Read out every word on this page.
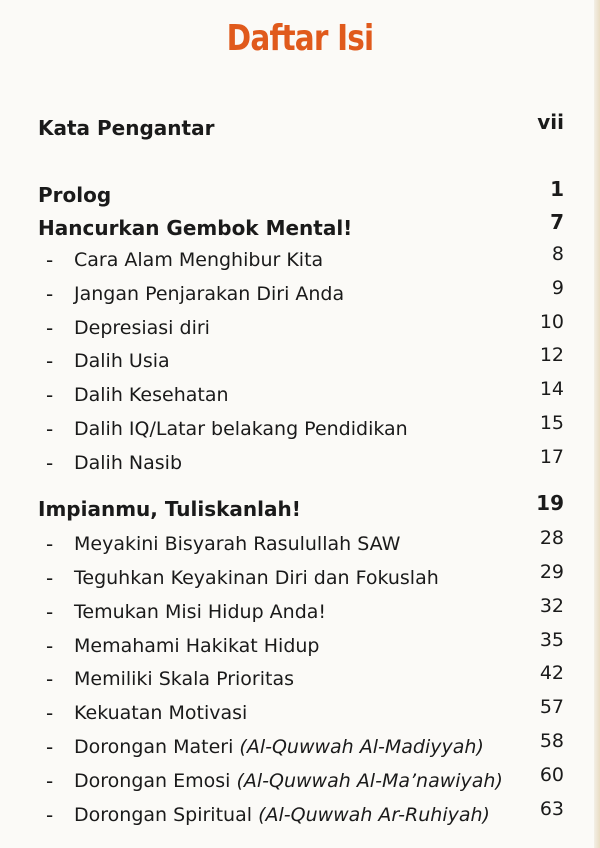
Daftar Isi
Kata Pengantar	vii
Prolog	1
Hancurkan Gembok Mental!	7
- Cara Alam Menghibur Kita	8
- Jangan Penjarakan Diri Anda	9
- Depresiasi diri	10
- Dalih Usia	12
- Dalih Kesehatan	14
- Dalih IQ/Latar belakang Pendidikan	15
- Dalih Nasib	17
Impianmu, Tuliskanlah!	19
- Meyakini Bisyarah Rasulullah SAW	28
- Teguhkan Keyakinan Diri dan Fokuslah	29
- Temukan Misi Hidup Anda!	32
- Memahami Hakikat Hidup	35
- Memiliki Skala Prioritas	42
- Kekuatan Motivasi	57
- Dorongan Materi (Al-Quwwah Al-Madiyyah)	58
- Dorongan Emosi (Al-Quwwah Al-Ma’nawiyah) 60
- Dorongan Spiritual (Al-Quwwah Ar-Ruhiyah)	63
